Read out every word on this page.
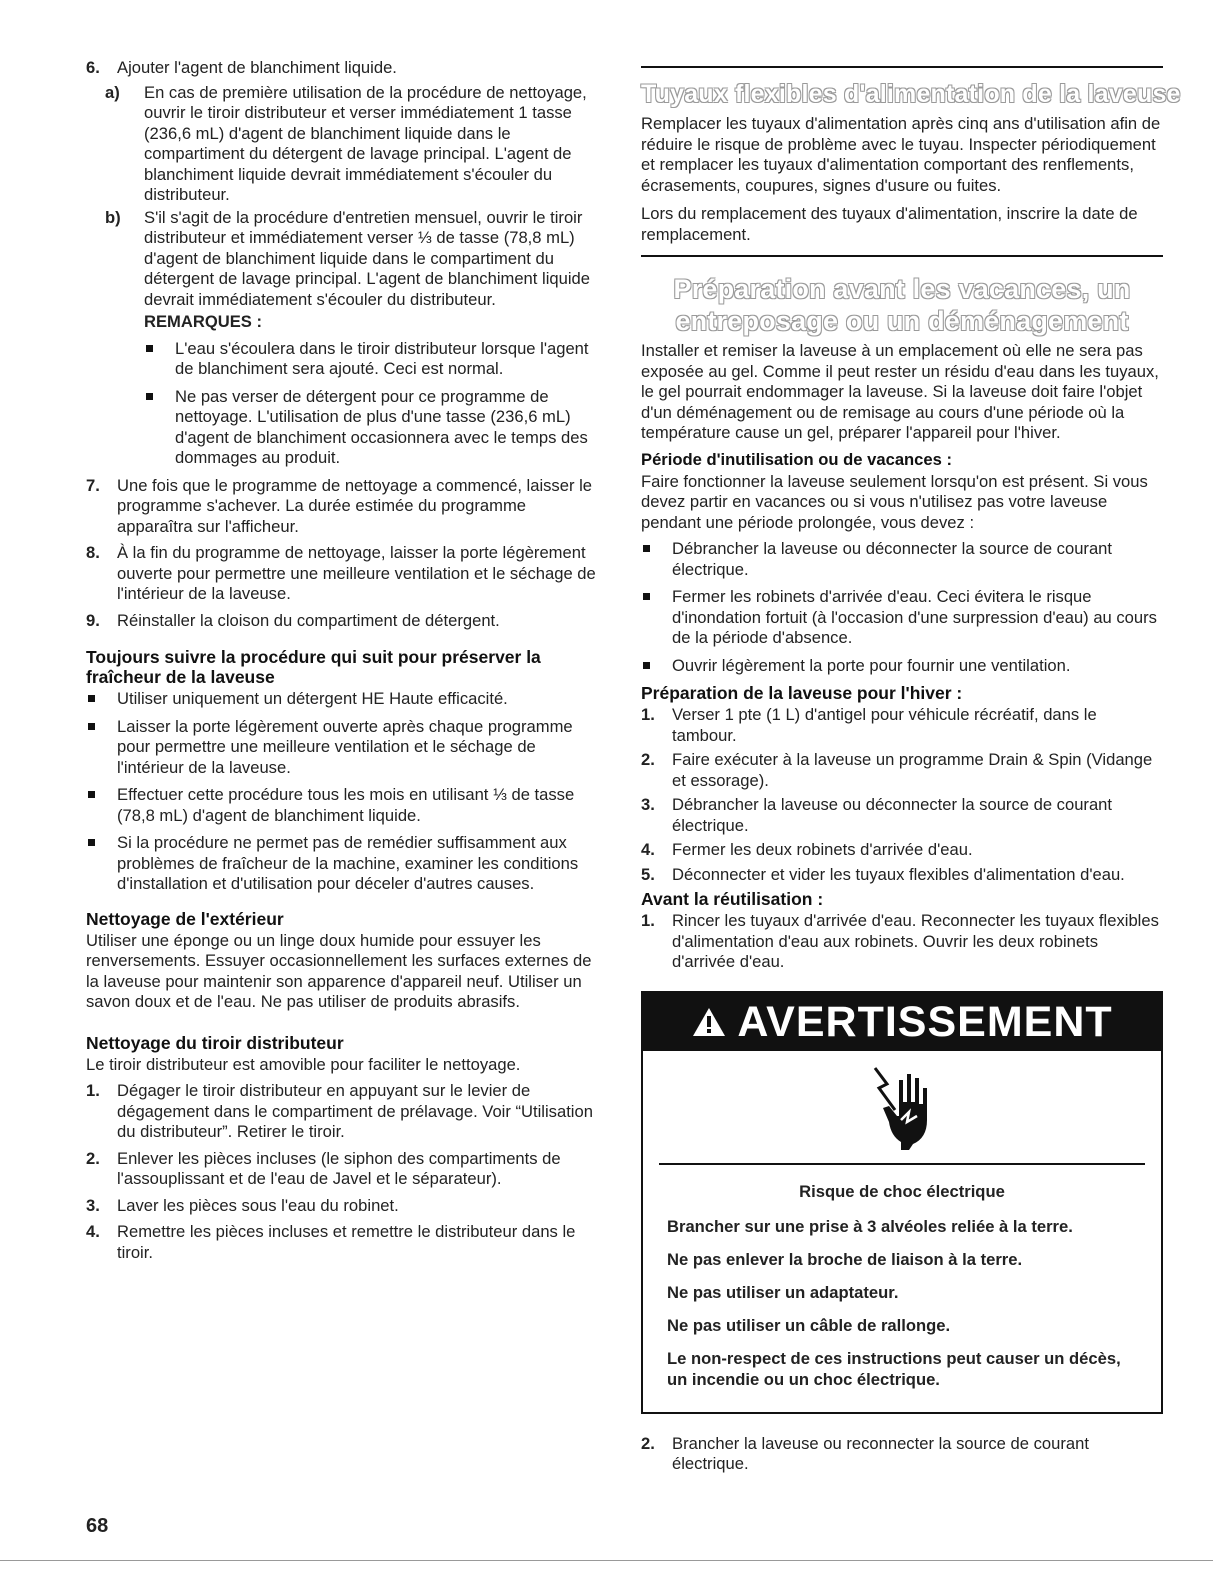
6. Ajouter l'agent de blanchiment liquide.

a) En cas de première utilisation de la procédure de nettoyage, ouvrir le tiroir distributeur et verser immédiatement 1 tasse (236,6 mL) d'agent de blanchiment liquide dans le compartiment du détergent de lavage principal. L'agent de blanchiment liquide devrait immédiatement s'écouler du distributeur.

b) S'il s'agit de la procédure d'entretien mensuel, ouvrir le tiroir distributeur et immédiatement verser ⅓ de tasse (78,8 mL) d'agent de blanchiment liquide dans le compartiment du détergent de lavage principal. L'agent de blanchiment liquide devrait immédiatement s'écouler du distributeur.

REMARQUES :

L'eau s'écoulera dans le tiroir distributeur lorsque l'agent de blanchiment sera ajouté. Ceci est normal.

Ne pas verser de détergent pour ce programme de nettoyage. L'utilisation de plus d'une tasse (236,6 mL) d'agent de blanchiment occasionnera avec le temps des dommages au produit.

7. Une fois que le programme de nettoyage a commencé, laisser le programme s'achever. La durée estimée du programme apparaîtra sur l'afficheur.

8. À la fin du programme de nettoyage, laisser la porte légèrement ouverte pour permettre une meilleure ventilation et le séchage de l'intérieur de la laveuse.

9. Réinstaller la cloison du compartiment de détergent.

Toujours suivre la procédure qui suit pour préserver la fraîcheur de la laveuse

Utiliser uniquement un détergent HE Haute efficacité.

Laisser la porte légèrement ouverte après chaque programme pour permettre une meilleure ventilation et le séchage de l'intérieur de la laveuse.

Effectuer cette procédure tous les mois en utilisant ⅓ de tasse (78,8 mL) d'agent de blanchiment liquide.

Si la procédure ne permet pas de remédier suffisamment aux problèmes de fraîcheur de la machine, examiner les conditions d'installation et d'utilisation pour déceler d'autres causes.

Nettoyage de l'extérieur

Utiliser une éponge ou un linge doux humide pour essuyer les renversements. Essuyer occasionnellement les surfaces externes de la laveuse pour maintenir son apparence d'appareil neuf. Utiliser un savon doux et de l'eau. Ne pas utiliser de produits abrasifs.

Nettoyage du tiroir distributeur

Le tiroir distributeur est amovible pour faciliter le nettoyage.

1. Dégager le tiroir distributeur en appuyant sur le levier de dégagement dans le compartiment de prélavage. Voir “Utilisation du distributeur”. Retirer le tiroir.

2. Enlever les pièces incluses (le siphon des compartiments de l'assouplissant et de l'eau de Javel et le séparateur).

3. Laver les pièces sous l'eau du robinet.

4. Remettre les pièces incluses et remettre le distributeur dans le tiroir.

Tuyaux flexibles d'alimentation de la laveuse

Remplacer les tuyaux d'alimentation après cinq ans d'utilisation afin de réduire le risque de problème avec le tuyau. Inspecter périodiquement et remplacer les tuyaux d'alimentation comportant des renflements, écrasements, coupures, signes d'usure ou fuites.

Lors du remplacement des tuyaux d'alimentation, inscrire la date de remplacement.

Préparation avant les vacances, un

entreposage ou un déménagement

Installer et remiser la laveuse à un emplacement où elle ne sera pas exposée au gel. Comme il peut rester un résidu d'eau dans les tuyaux, le gel pourrait endommager la laveuse. Si la laveuse doit faire l'objet d'un déménagement ou de remisage au cours d'une période où la température cause un gel, préparer l'appareil pour l'hiver.

Période d'inutilisation ou de vacances :

Faire fonctionner la laveuse seulement lorsqu'on est présent. Si vous devez partir en vacances ou si vous n'utilisez pas votre laveuse pendant une période prolongée, vous devez :

Débrancher la laveuse ou déconnecter la source de courant électrique.

Fermer les robinets d'arrivée d'eau. Ceci évitera le risque d'inondation fortuit (à l'occasion d'une surpression d'eau) au cours de la période d'absence.

Ouvrir légèrement la porte pour fournir une ventilation.

Préparation de la laveuse pour l'hiver :

1. Verser 1 pte (1 L) d'antigel pour véhicule récréatif, dans le tambour.

2. Faire exécuter à la laveuse un programme Drain & Spin (Vidange et essorage).

3. Débrancher la laveuse ou déconnecter la source de courant électrique.

4. Fermer les deux robinets d'arrivée d'eau.

5. Déconnecter et vider les tuyaux flexibles d'alimentation d'eau.

Avant la réutilisation :

1. Rincer les tuyaux d'arrivée d'eau. Reconnecter les tuyaux flexibles d'alimentation d'eau aux robinets. Ouvrir les deux robinets d'arrivée d'eau.

AVERTISSEMENT

Risque de choc électrique

Brancher sur une prise à 3 alvéoles reliée à la terre.

Ne pas enlever la broche de liaison à la terre.

Ne pas utiliser un adaptateur.

Ne pas utiliser un câble de rallonge.

Le non-respect de ces instructions peut causer un décès, un incendie ou un choc électrique.

2. Brancher la laveuse ou reconnecter la source de courant électrique.

68
